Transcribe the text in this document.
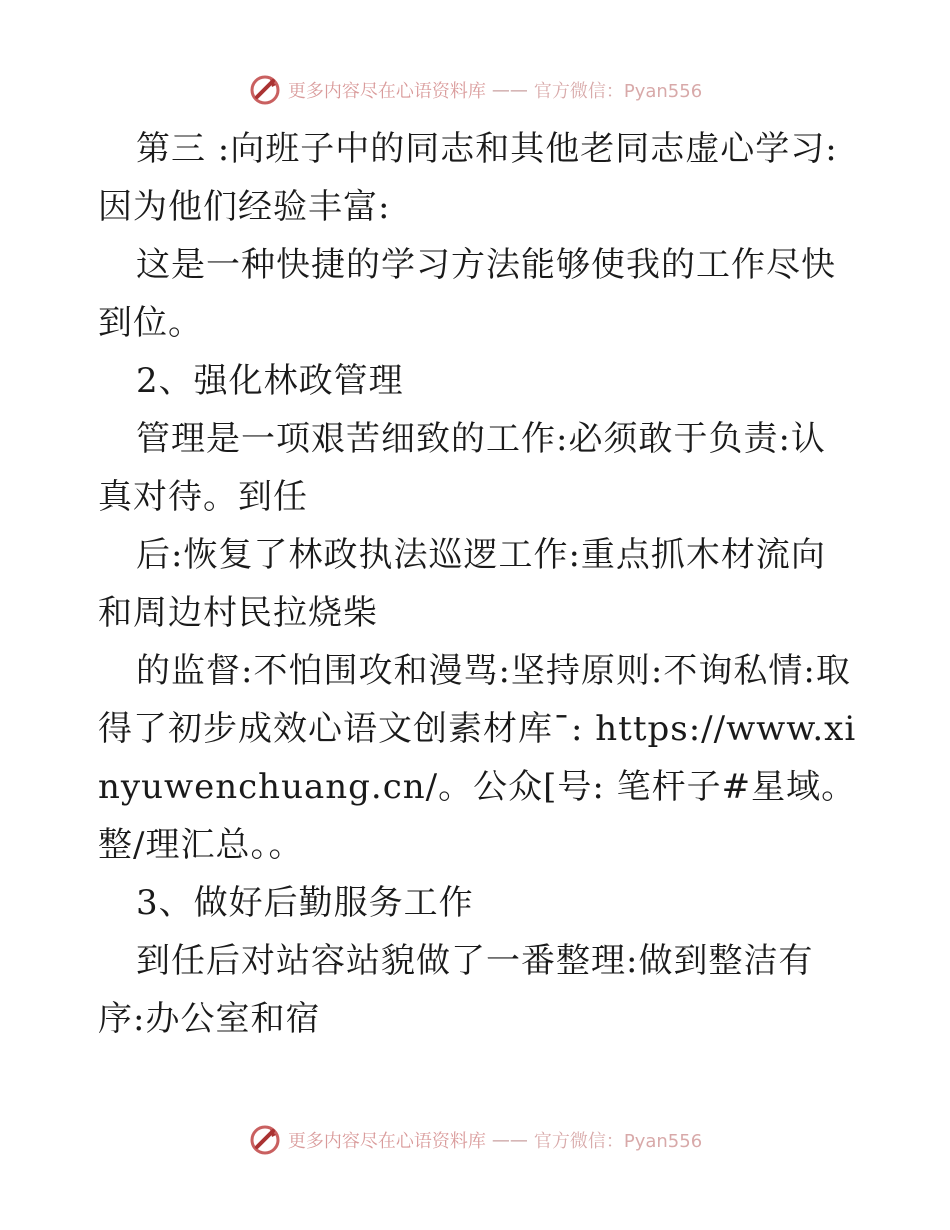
更多内容尽在心语资料库 —— 官方微信：Pyan556

第三 :向班子中的同志和其他老同志虚心学习:因为他们经验丰富:

这是一种快捷的学习方法能够使我的工作尽快到位。

2、强化林政管理

管理是一项艰苦细致的工作:必须敢于负责:认真对待。到任

后:恢复了林政执法巡逻工作:重点抓木材流向和周边村民拉烧柴

的监督:不怕围攻和漫骂:坚持原则:不询私情:取得了初步成效心语文创素材库¯: https://www.xinyuwenchuang.cn/。公众[号: 笔杆子#星域。整/理汇总。。

3、做好后勤服务工作

到任后对站容站貌做了一番整理:做到整洁有序:办公室和宿

更多内容尽在心语资料库 —— 官方微信：Pyan556
